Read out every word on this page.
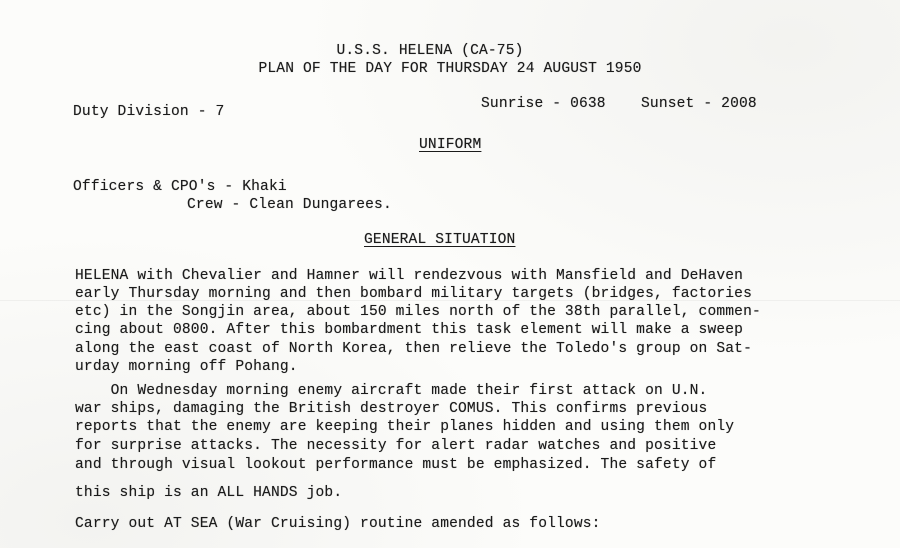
U.S.S. HELENA (CA-75)
PLAN OF THE DAY FOR THURSDAY 24 AUGUST 1950
Duty Division - 7	Sunrise - 0638 Sunset - 2008
UNIFORM
Officers & CPO's - Khaki
Crew - Clean Dungarees.
GENERAL SITUATION
HELENA with Chevalier and Hamner will rendezvous with Mansfield and DeHaven
early Thursday morning and then bombard military targets (bridges, factories
etc) in the Songjin area, about 150 miles north of the 38th parallel, commen-
cing about 0800. After this bombardment this task element will make a sweep
along the east coast of North Korea, then relieve the Toledo's group on Sat-
urday morning off Pohang.
On Wednesday morning enemy aircraft made their first attack on U.N.
war ships, damaging the British destroyer COMUS. This confirms previous
reports that the enemy are keeping their planes hidden and using them only
for surprise attacks. The necessity for alert radar watches and positive
and through visual lookout performance must be emphasized. The safety of
this ship is an ALL HANDS job.
Carry out AT SEA (War Cruising) routine amended as follows:
